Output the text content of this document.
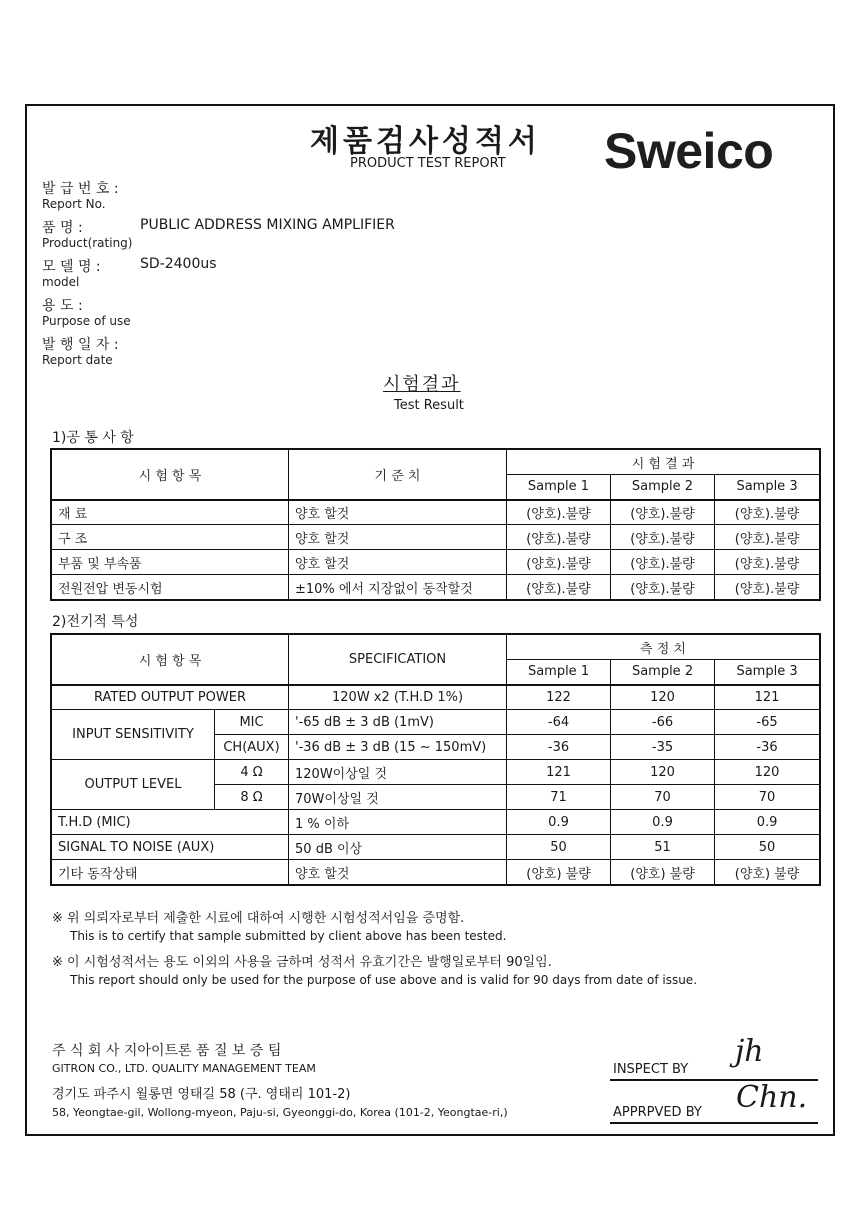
제품검사성적서
PRODUCT TEST REPORT Sweico
발 급 번 호 :
Report No.
품 명 :
Product(rating)
PUBLIC ADDRESS MIXING AMPLIFIER
모 델 명 :
model
SD-2400us
용 도 :
Purpose of use
발 행 일 자 :
Report date
시험결과
Test Result
1)공 통 사 항
시 험 항 목	기 준 치	시 험 결 과		
		Sample 1	Sample 2	Sample 3
재 료	양호 할것	(양호).불량	(양호).불량	(양호).불량
구 조	양호 할것	(양호).불량	(양호).불량	(양호).불량
부품 및 부속품	양호 할것	(양호).불량	(양호).불량	(양호).불량
전원전압 변동시험	±10% 에서 지장없이 동작할것	(양호).불량	(양호).불량	(양호).불량
2)전기적 특성
시 험 항 목		SPECIFICATION	측 정 치		
			Sample 1	Sample 2	Sample 3
RATED OUTPUT POWER		120W x2 (T.H.D 1%)	122	120	121
INPUT SENSITIVITY	MIC	'-65 dB ± 3 dB (1mV)	-64	-66	-65
	CH(AUX)	'-36 dB ± 3 dB (15 ~ 150mV)	-36	-35	-36
OUTPUT LEVEL	4 Ω	120W이상일 것	121	120	120
	8 Ω	70W이상일 것	71	70	70
T.H.D (MIC)		1 % 이하	0.9	0.9	0.9
SIGNAL TO NOISE (AUX)		50 dB 이상	50	51	50
기타 동작상태		양호 할것	(양호) 불량	(양호) 불량	(양호) 불량
※ 위 의뢰자로부터 제출한 시료에 대하여 시행한 시험성적서임을 증명함.
This is to certify that sample submitted by client above has been tested.
※ 이 시험성적서는 용도 이외의 사용을 금하며 성적서 유효기간은 발행일로부터 90일임.
This report should only be used for the purpose of use above and is valid for 90 days from date of issue.
주 식 회 사 지아이트론 품 질 보 증 팀
GITRON CO., LTD. QUALITY MANAGEMENT TEAM
경기도 파주시 월롱면 영태길 58 (구. 영태리 101-2)
58, Yeongtae-gil, Wollong-myeon, Paju-si, Gyeonggi-do, Korea (101-2, Yeongtae-ri,)
INSPECT BY
jh
APPRPVED BY Chn.
